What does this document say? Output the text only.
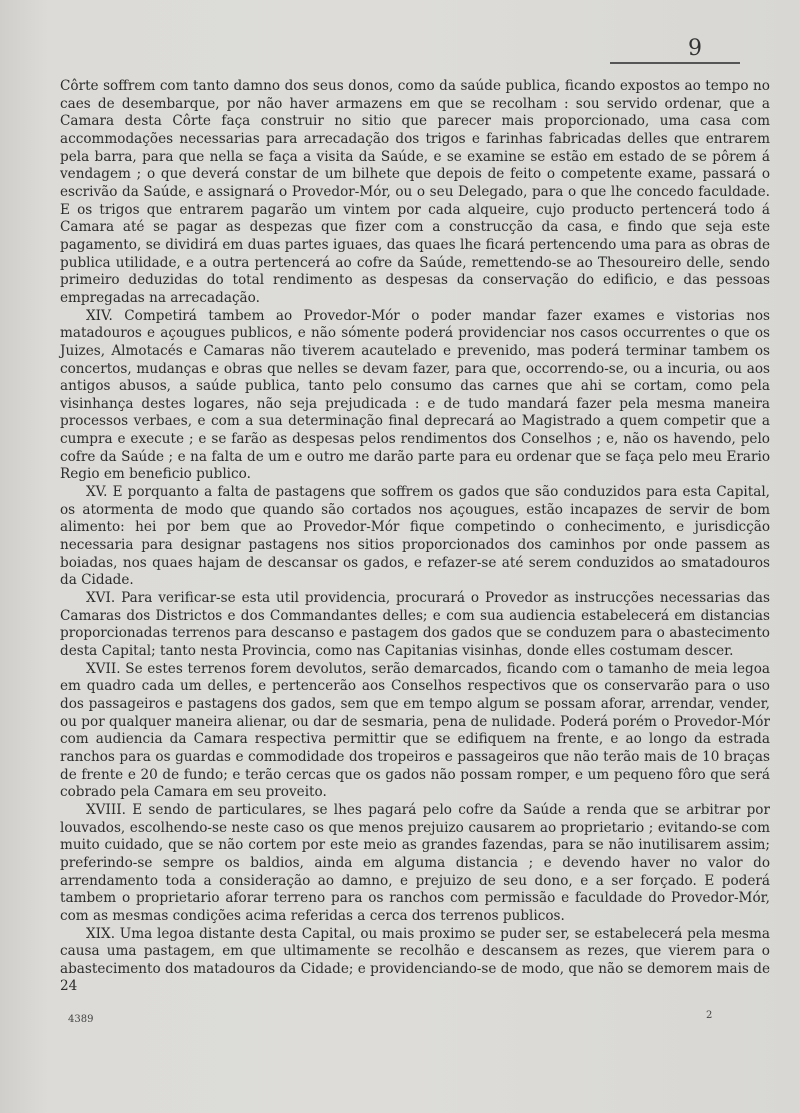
9

Côrte soffrem com tanto damno dos seus donos, como da saúde publica, ficando expostos ao tempo no caes de desembarque, por não haver armazens em que se recolham : sou servido ordenar, que a Camara desta Côrte faça construir no sitio que parecer mais proporcionado, uma casa com accommodações necessarias para arrecadação dos trigos e farinhas fabricadas delles que entrarem pela barra, para que nella se faça a visita da Saúde, e se examine se estão em estado de se pôrem á vendagem ; o que deverá constar de um bilhete que depois de feito o competente exame, passará o escrivão da Saúde, e assignará o Provedor-Mór, ou o seu Delegado, para o que lhe concedo faculdade. E os trigos que entrarem pagarão um vintem por cada alqueire, cujo producto pertencerá todo á Camara até se pagar as despezas que fizer com a construcção da casa, e findo que seja este pagamento, se dividirá em duas partes iguaes, das quaes lhe ficará pertencendo uma para as obras de publica utilidade, e a outra pertencerá ao cofre da Saúde, remettendo-se ao Thesoureiro delle, sendo primeiro deduzidas do total rendimento as despesas da conservação do edificio, e das pessoas empregadas na arrecadação.

XIV. Competirá tambem ao Provedor-Mór o poder mandar fazer exames e vistorias nos matadouros e açougues publicos, e não sómente poderá providenciar nos casos occurrentes o que os Juizes, Almotacés e Camaras não tiverem acautelado e prevenido, mas poderá terminar tambem os concertos, mudanças e obras que nelles se devam fazer, para que, occorrendo-se, ou a incuria, ou aos antigos abusos, a saúde publica, tanto pelo consumo das carnes que ahi se cortam, como pela visinhança destes logares, não seja prejudicada : e de tudo mandará fazer pela mesma maneira processos verbaes, e com a sua determinação final deprecará ao Magistrado a quem competir que a cumpra e execute ; e se farão as despesas pelos rendimentos dos Conselhos ; e, não os havendo, pelo cofre da Saúde ; e na falta de um e outro me darão parte para eu ordenar que se faça pelo meu Erario Regio em beneficio publico.

XV. E porquanto a falta de pastagens que soffrem os gados que são conduzidos para esta Capital, os atormenta de modo que quando são cortados nos açougues, estão incapazes de servir de bom alimento: hei por bem que ao Provedor-Mór fique competindo o conhecimento, e jurisdicção necessaria para designar pastagens nos sitios proporcionados dos caminhos por onde passem as boiadas, nos quaes hajam de descansar os gados, e refazer-se até serem conduzidos ao smatadouros da Cidade.

XVI. Para verificar-se esta util providencia, procurará o Provedor as instrucções necessarias das Camaras dos Districtos e dos Commandantes delles; e com sua audiencia estabelecerá em distancias proporcionadas terrenos para descanso e pastagem dos gados que se conduzem para o abastecimento desta Capital; tanto nesta Provincia, como nas Capitanias visinhas, donde elles costumam descer.

XVII. Se estes terrenos forem devolutos, serão demarcados, ficando com o tamanho de meia legoa em quadro cada um delles, e pertencerão aos Conselhos respectivos que os conservarão para o uso dos passageiros e pastagens dos gados, sem que em tempo algum se possam aforar, arrendar, vender, ou por qualquer maneira alienar, ou dar de sesmaria, pena de nulidade. Poderá porém o Provedor-Mór com audiencia da Camara respectiva permittir que se edifiquem na frente, e ao longo da estrada ranchos para os guardas e commodidade dos tropeiros e passageiros que não terão mais de 10 braças de frente e 20 de fundo; e terão cercas que os gados não possam romper, e um pequeno fôro que será cobrado pela Camara em seu proveito.

XVIII. E sendo de particulares, se lhes pagará pelo cofre da Saúde a renda que se arbitrar por louvados, escolhendo-se neste caso os que menos prejuizo causarem ao proprietario ; evitando-se com muito cuidado, que se não cortem por este meio as grandes fazendas, para se não inutilisarem assim; preferindo-se sempre os baldios, ainda em alguma distancia ; e devendo haver no valor do arrendamento toda a consideração ao damno, e prejuizo de seu dono, e a ser forçado. E poderá tambem o proprietario aforar terreno para os ranchos com permissão e faculdade do Provedor-Mór, com as mesmas condições acima referidas a cerca dos terrenos publicos.

XIX. Uma legoa distante desta Capital, ou mais proximo se puder ser, se estabelecerá pela mesma causa uma pastagem, em que ultimamente se recolhão e descansem as rezes, que vierem para o abastecimento dos matadouros da Cidade; e providenciando-se de modo, que não se demorem mais de 24

4389	2
